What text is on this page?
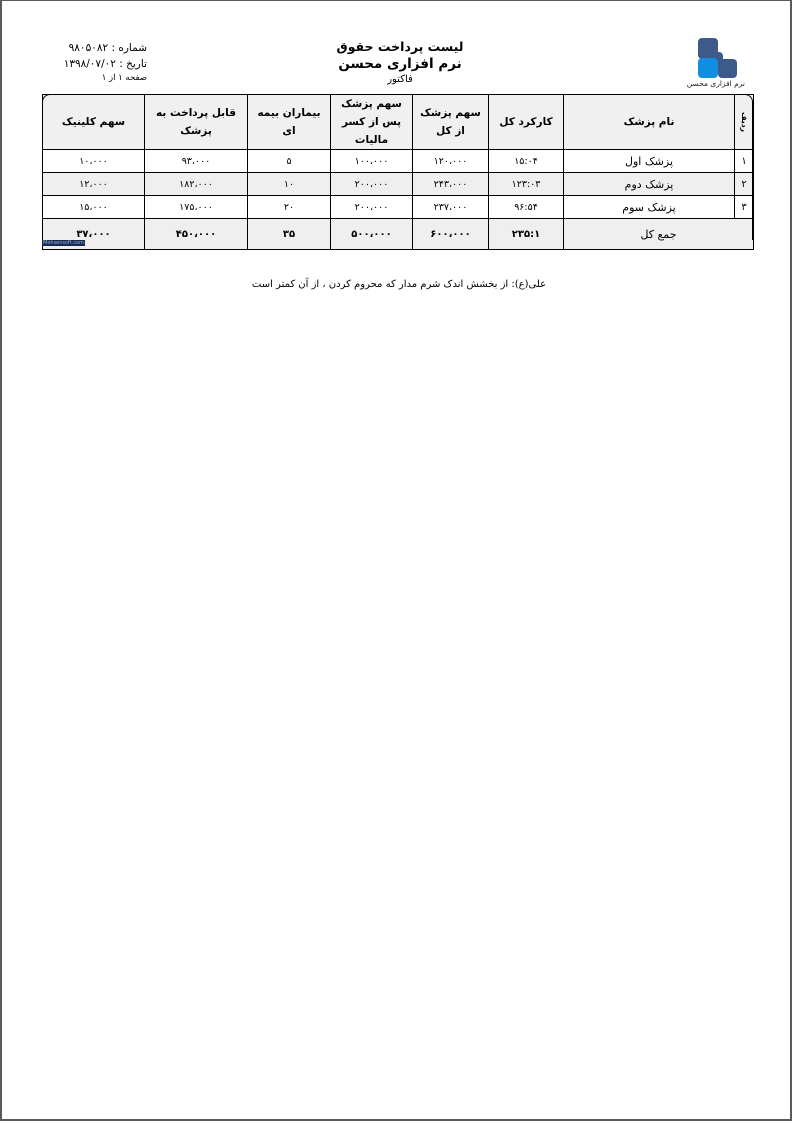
شماره : ۹۸۰۵۰۸۲
تاریخ : ۱۳۹۸/۰۷/۰۲
صفحه ۱ از ۱
لیست پرداخت حقوق
نرم افزاری محسن
فاکتور	نرم افزاری محسن
ردیف	نام پزشک	کارکرد کل	سهم پزشک از کل	سهم پزشک پس از کسر مالیات	بیماران بیمه ای	قابل پرداخت به پزشک	سهم کلینیک
۱	پزشک اول	۱۵:۰۴	۱۲۰،۰۰۰	۱۰۰،۰۰۰	۵	۹۳،۰۰۰	۱۰،۰۰۰
۲	پزشک دوم	۱۲۳:۰۳	۲۴۳،۰۰۰	۲۰۰،۰۰۰	۱۰	۱۸۲،۰۰۰	۱۲،۰۰۰
۳	پزشک سوم	۹۶:۵۴	۲۳۷،۰۰۰	۲۰۰،۰۰۰	۲۰	۱۷۵،۰۰۰	۱۵،۰۰۰
جمع کل		۲۳۵:۱	۶۰۰،۰۰۰	۵۰۰،۰۰۰	۳۵	۴۵۰،۰۰۰	۳۷،۰۰۰
Mohsensoft.com
علی(ع): از بخشش اندک شرم مدار که محروم کردن ، از آن کمتر است
